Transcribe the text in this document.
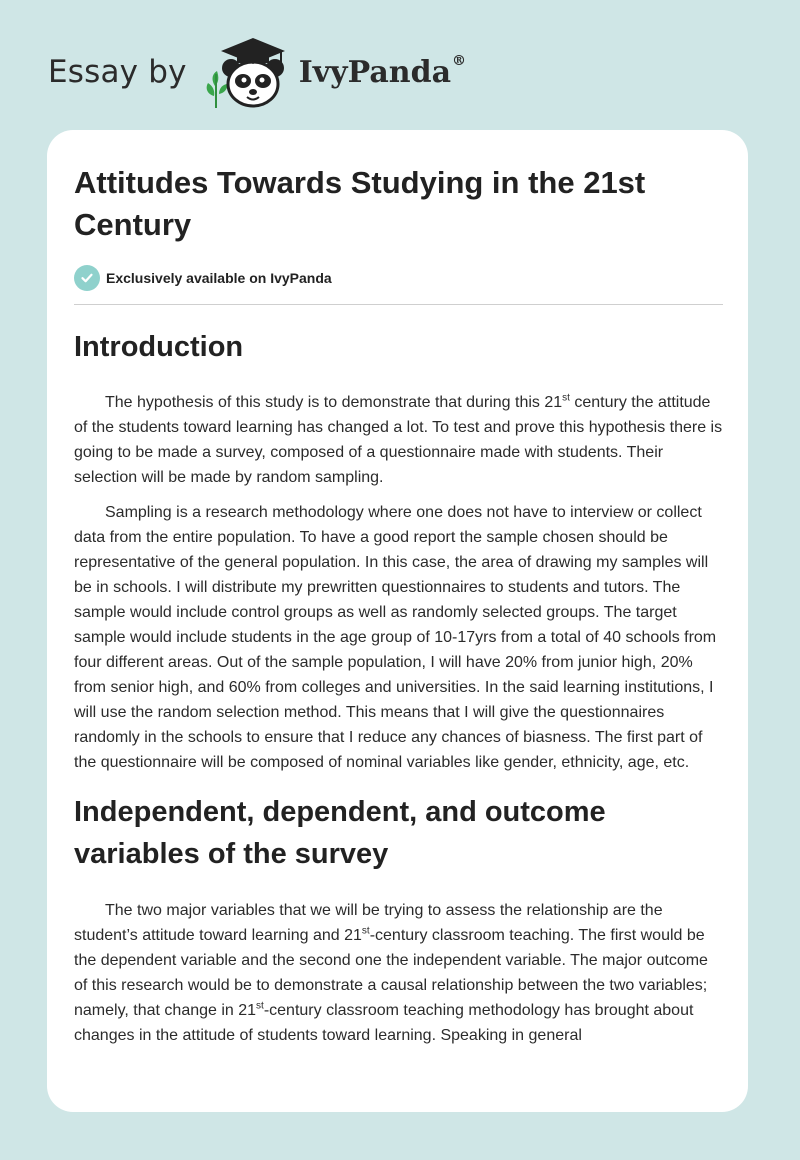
Essay by	IvyPanda®
Attitudes Towards Studying in the 21st Century
Exclusively available on IvyPanda
Introduction

The hypothesis of this study is to demonstrate that during this 21st century the attitude of the students toward learning has changed a lot. To test and prove this hypothesis there is going to be made a survey, composed of a questionnaire made with students. Their selection will be made by random sampling.

Sampling is a research methodology where one does not have to interview or collect data from the entire population. To have a good report the sample chosen should be representative of the general population. In this case, the area of drawing my samples will be in schools. I will distribute my prewritten questionnaires to students and tutors. The sample would include control groups as well as randomly selected groups. The target sample would include students in the age group of 10-17yrs from a total of 40 schools from four different areas. Out of the sample population, I will have 20% from junior high, 20% from senior high, and 60% from colleges and universities. In the said learning institutions, I will use the random selection method. This means that I will give the questionnaires randomly in the schools to ensure that I reduce any chances of biasness. The first part of the questionnaire will be composed of nominal variables like gender, ethnicity, age, etc.

Independent, dependent, and outcome variables of the survey

The two major variables that we will be trying to assess the relationship are the student’s attitude toward learning and 21st-century classroom teaching. The first would be the dependent variable and the second one the independent variable. The major outcome of this research would be to demonstrate a causal relationship between the two variables; namely, that change in 21st-century classroom teaching methodology has brought about changes in the attitude of students toward learning. Speaking in general
